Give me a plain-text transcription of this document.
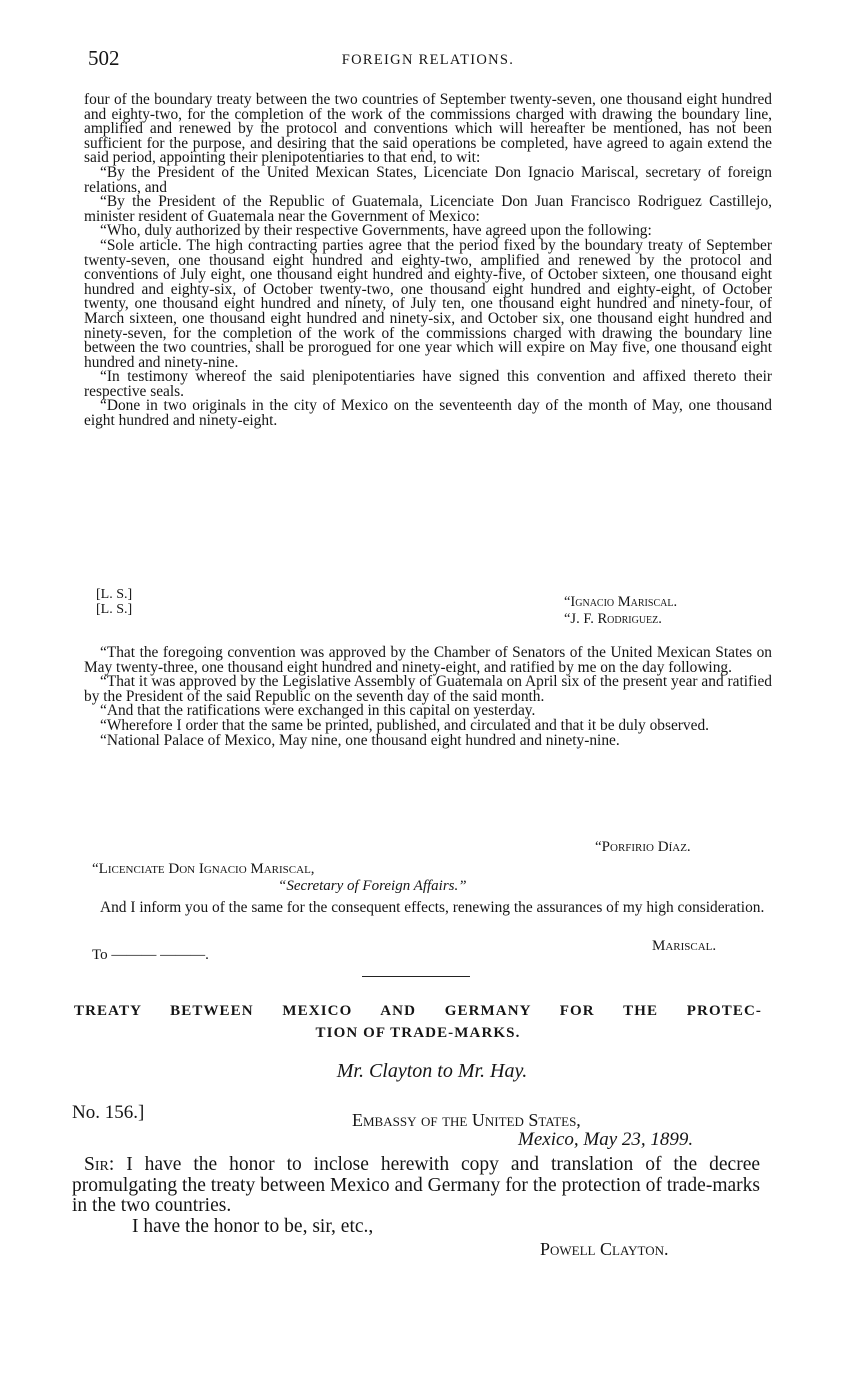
502	FOREIGN RELATIONS.

four of the boundary treaty between the two countries of September twenty-seven, one thousand eight hundred and eighty-two, for the completion of the work of the commissions charged with drawing the boundary line, amplified and renewed by the protocol and conventions which will hereafter be mentioned, has not been sufficient for the purpose, and desiring that the said operations be completed, have agreed to again extend the said period, appointing their plenipotentiaries to that end, to wit:

“By the President of the United Mexican States, Licenciate Don Ignacio Mariscal, secretary of foreign relations, and

“By the President of the Republic of Guatemala, Licenciate Don Juan Francisco Rodriguez Castillejo, minister resident of Guatemala near the Government of Mexico:

“Who, duly authorized by their respective Governments, have agreed upon the following:

“Sole article. The high contracting parties agree that the period fixed by the boundary treaty of September twenty-seven, one thousand eight hundred and eighty-two, amplified and renewed by the protocol and conventions of July eight, one thousand eight hundred and eighty-five, of October sixteen, one thousand eight hundred and eighty-six, of October twenty-two, one thousand eight hundred and eighty-eight, of October twenty, one thousand eight hundred and ninety, of July ten, one thousand eight hundred and ninety-four, of March sixteen, one thousand eight hundred and ninety-six, and October six, one thousand eight hundred and ninety-seven, for the completion of the work of the commissions charged with drawing the boundary line between the two countries, shall be prorogued for one year which will expire on May five, one thousand eight hundred and ninety-nine.

“In testimony whereof the said plenipotentiaries have signed this convention and affixed thereto their respective seals.

“Done in two originals in the city of Mexico on the seventeenth day of the month of May, one thousand eight hundred and ninety-eight.

[L. S.]
[L. S.]	“Ignacio Mariscal.
“J. F. Rodriguez.

“That the foregoing convention was approved by the Chamber of Senators of the United Mexican States on May twenty-three, one thousand eight hundred and ninety-eight, and ratified by me on the day following.

“That it was approved by the Legislative Assembly of Guatemala on April six of the present year and ratified by the President of the said Republic on the seventh day of the said month.

“And that the ratifications were exchanged in this capital on yesterday.

“Wherefore I order that the same be printed, published, and circulated and that it be duly observed.

“National Palace of Mexico, May nine, one thousand eight hundred and ninety-nine.

“Porfirio Díaz.
“Licenciate Don Ignacio Mariscal,
“Secretary of Foreign Affairs.”

And I inform you of the same for the consequent effects, renewing the assurances of my high consideration.

Mariscal.
To ——— ———.
TREATY BETWEEN MEXICO AND GERMANY FOR THE PROTEC-
TION OF TRADE-MARKS.
Mr. Clayton to Mr. Hay.
No. 156.]	Embassy of the United States,
Mexico, May 23, 1899.

Sir: I have the honor to inclose herewith copy and translation of the decree promulgating the treaty between Mexico and Germany for the protection of trade-marks in the two countries.

I have the honor to be, sir, etc.,

Powell Clayton.
